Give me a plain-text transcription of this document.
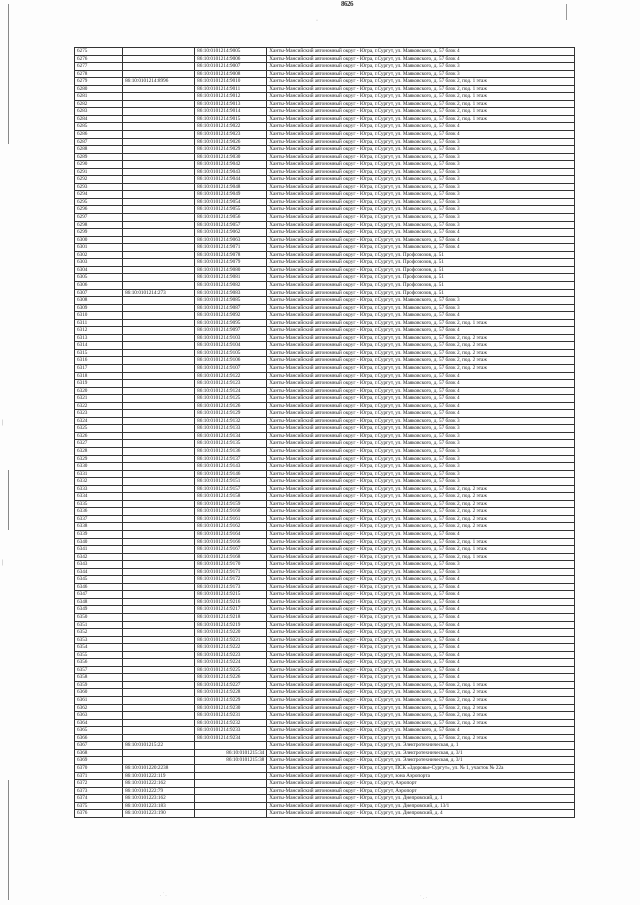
8626
·
|
|
. ˙ .
˙ . ·
6275		86:10:0101214:9005	Ханты-Мансийский автономный округ - Югра, г.Сургут, ул. Маяковского, д. 57 блок 4
6276		86:10:0101214:9006	Ханты-Мансийский автономный округ - Югра, г.Сургут, ул. Маяковского, д. 57 блок 4
6277		86:10:0101214:9007	Ханты-Мансийский автономный округ - Югра, г.Сургут, ул. Маяковского, д. 57 блок 3
6278		86:10:0101214:9008	Ханты-Мансийский автономный округ - Югра, г.Сургут, ул. Маяковского, д. 57 блок 3
6279	86:10:0101214:8996	86:10:0101214:9010	Ханты-Мансийский автономный округ - Югра, г.Сургут, ул. Маяковского, д. 57 блок 2, под. 1 этаж
6280		86:10:0101214:9011	Ханты-Мансийский автономный округ - Югра, г.Сургут, ул. Маяковского, д. 57 блок 2, под. 1 этаж
6281		86:10:0101214:9012	Ханты-Мансийский автономный округ - Югра, г.Сургут, ул. Маяковского, д. 57 блок 2, под. 1 этаж
6282		86:10:0101214:9013	Ханты-Мансийский автономный округ - Югра, г.Сургут, ул. Маяковского, д. 57 блок 2, под. 1 этаж
6283		86:10:0101214:9014	Ханты-Мансийский автономный округ - Югра, г.Сургут, ул. Маяковского, д. 57 блок 2, под. 1 этаж
6284		86:10:0101214:9015	Ханты-Мансийский автономный округ - Югра, г.Сургут, ул. Маяковского, д. 57 блок 2, под. 1 этаж
6285		86:10:0101214:9022	Ханты-Мансийский автономный округ - Югра, г.Сургут, ул. Маяковского, д. 57 блок 4
6286		86:10:0101214:9023	Ханты-Мансийский автономный округ - Югра, г.Сургут, ул. Маяковского, д. 57 блок 4
6287		86:10:0101214:9026	Ханты-Мансийский автономный округ - Югра, г.Сургут, ул. Маяковского, д. 57 блок 3
6288		86:10:0101214:9029	Ханты-Мансийский автономный округ - Югра, г.Сургут, ул. Маяковского, д. 57 блок 3
6289		86:10:0101214:9030	Ханты-Мансийский автономный округ - Югра, г.Сургут, ул. Маяковского, д. 57 блок 3
6290		86:10:0101214:9042	Ханты-Мансийский автономный округ - Югра, г.Сургут, ул. Маяковского, д. 57 блок 3
6291		86:10:0101214:9043	Ханты-Мансийский автономный округ - Югра, г.Сургут, ул. Маяковского, д. 57 блок 3
6292		86:10:0101214:9044	Ханты-Мансийский автономный округ - Югра, г.Сургут, ул. Маяковского, д. 57 блок 3
6293		86:10:0101214:9048	Ханты-Мансийский автономный округ - Югра, г.Сургут, ул. Маяковского, д. 57 блок 3
6294		86:10:0101214:9049	Ханты-Мансийский автономный округ - Югра, г.Сургут, ул. Маяковского, д. 57 блок 3
6295		86:10:0101214:9054	Ханты-Мансийский автономный округ - Югра, г.Сургут, ул. Маяковского, д. 57 блок 3
6296		86:10:0101214:9055	Ханты-Мансийский автономный округ - Югра, г.Сургут, ул. Маяковского, д. 57 блок 3
6297		86:10:0101214:9056	Ханты-Мансийский автономный округ - Югра, г.Сургут, ул. Маяковского, д. 57 блок 3
6298		86:10:0101214:9057	Ханты-Мансийский автономный округ - Югра, г.Сургут, ул. Маяковского, д. 57 блок 3
6299		86:10:0101214:9062	Ханты-Мансийский автономный округ - Югра, г.Сургут, ул. Маяковского, д. 57 блок 4
6300		86:10:0101214:9063	Ханты-Мансийский автономный округ - Югра, г.Сургут, ул. Маяковского, д. 57 блок 4
6301		86:10:0101214:9071	Ханты-Мансийский автономный округ - Югра, г.Сургут, ул. Маяковского, д. 57 блок 4
6302		86:10:0101214:9078	Ханты-Мансийский автономный округ - Югра, г.Сургут, ул. Профсоюзов, д. 51
6303		86:10:0101214:9079	Ханты-Мансийский автономный округ - Югра, г.Сургут, ул. Профсоюзов, д. 51
6304		86:10:0101214:9080	Ханты-Мансийский автономный округ - Югра, г.Сургут, ул. Профсоюзов, д. 51
6305		86:10:0101214:9081	Ханты-Мансийский автономный округ - Югра, г.Сургут, ул. Профсоюзов, д. 51
6306		86:10:0101214:9082	Ханты-Мансийский автономный округ - Югра, г.Сургут, ул. Профсоюзов, д. 51
6307	86:10:0101214:273	86:10:0101214:9083	Ханты-Мансийский автономный округ - Югра, г.Сургут, ул. Профсоюзов, д. 51
6308		86:10:0101214:9085	Ханты-Мансийский автономный округ - Югра, г.Сургут, ул. Маяковского, д. 57 блок 3
6309		86:10:0101214:9087	Ханты-Мансийский автономный округ - Югра, г.Сургут, ул. Маяковского, д. 57 блок 3
6310		86:10:0101214:9092	Ханты-Мансийский автономный округ - Югра, г.Сургут, ул. Маяковского, д. 57 блок 4
6311		86:10:0101214:9095	Ханты-Мансийский автономный округ - Югра, г.Сургут, ул. Маяковского, д. 57 блок 2, под. 1 этаж
6312		86:10:0101214:9097	Ханты-Мансийский автономный округ - Югра, г.Сургут, ул. Маяковского, д. 57 блок 4
6313		86:10:0101214:9103	Ханты-Мансийский автономный округ - Югра, г.Сургут, ул. Маяковского, д. 57 блок 2, под. 2 этаж
6314		86:10:0101214:9104	Ханты-Мансийский автономный округ - Югра, г.Сургут, ул. Маяковского, д. 57 блок 2, под. 2 этаж
6315		86:10:0101214:9105	Ханты-Мансийский автономный округ - Югра, г.Сургут, ул. Маяковского, д. 57 блок 2, под. 2 этаж
6316		86:10:0101214:9106	Ханты-Мансийский автономный округ - Югра, г.Сургут, ул. Маяковского, д. 57 блок 2, под. 2 этаж
6317		86:10:0101214:9107	Ханты-Мансийский автономный округ - Югра, г.Сургут, ул. Маяковского, д. 57 блок 2, под. 2 этаж
6318		86:10:0101214:9122	Ханты-Мансийский автономный округ - Югра, г.Сургут, ул. Маяковского, д. 57 блок 4
6319		86:10:0101214:9123	Ханты-Мансийский автономный округ - Югра, г.Сургут, ул. Маяковского, д. 57 блок 4
6320		86:10:0101214:9124	Ханты-Мансийский автономный округ - Югра, г.Сургут, ул. Маяковского, д. 57 блок 4
6321		86:10:0101214:9125	Ханты-Мансийский автономный округ - Югра, г.Сургут, ул. Маяковского, д. 57 блок 4
6322		86:10:0101214:9126	Ханты-Мансийский автономный округ - Югра, г.Сургут, ул. Маяковского, д. 57 блок 4
6323		86:10:0101214:9129	Ханты-Мансийский автономный округ - Югра, г.Сургут, ул. Маяковского, д. 57 блок 4
6324		86:10:0101214:9132	Ханты-Мансийский автономный округ - Югра, г.Сургут, ул. Маяковского, д. 57 блок 3
6325		86:10:0101214:9133	Ханты-Мансийский автономный округ - Югра, г.Сургут, ул. Маяковского, д. 57 блок 3
6326		86:10:0101214:9134	Ханты-Мансийский автономный округ - Югра, г.Сургут, ул. Маяковского, д. 57 блок 3
6327		86:10:0101214:9135	Ханты-Мансийский автономный округ - Югра, г.Сургут, ул. Маяковского, д. 57 блок 3
6328		86:10:0101214:9136	Ханты-Мансийский автономный округ - Югра, г.Сургут, ул. Маяковского, д. 57 блок 3
6329		86:10:0101214:9137	Ханты-Мансийский автономный округ - Югра, г.Сургут, ул. Маяковского, д. 57 блок 3
6330		86:10:0101214:9143	Ханты-Мансийский автономный округ - Югра, г.Сургут, ул. Маяковского, д. 57 блок 3
6331		86:10:0101214:9146	Ханты-Мансийский автономный округ - Югра, г.Сургут, ул. Маяковского, д. 57 блок 3
6332		86:10:0101214:9151	Ханты-Мансийский автономный округ - Югра, г.Сургут, ул. Маяковского, д. 57 блок 3
6333		86:10:0101214:9157	Ханты-Мансийский автономный округ - Югра, г.Сургут, ул. Маяковского, д. 57 блок 2, под. 2 этаж
6334		86:10:0101214:9158	Ханты-Мансийский автономный округ - Югра, г.Сургут, ул. Маяковского, д. 57 блок 2, под. 2 этаж
6335		86:10:0101214:9159	Ханты-Мансийский автономный округ - Югра, г.Сургут, ул. Маяковского, д. 57 блок 2, под. 2 этаж
6336		86:10:0101214:9160	Ханты-Мансийский автономный округ - Югра, г.Сургут, ул. Маяковского, д. 57 блок 2, под. 2 этаж
6337		86:10:0101214:9161	Ханты-Мансийский автономный округ - Югра, г.Сургут, ул. Маяковского, д. 57 блок 2, под. 2 этаж
6338		86:10:0101214:9162	Ханты-Мансийский автономный округ - Югра, г.Сургут, ул. Маяковского, д. 57 блок 2, под. 2 этаж
6339		86:10:0101214:9164	Ханты-Мансийский автономный округ - Югра, г.Сургут, ул. Маяковского, д. 57 блок 4
6340		86:10:0101214:9166	Ханты-Мансийский автономный округ - Югра, г.Сургут, ул. Маяковского, д. 57 блок 2, под. 1 этаж
6341		86:10:0101214:9167	Ханты-Мансийский автономный округ - Югра, г.Сургут, ул. Маяковского, д. 57 блок 2, под. 1 этаж
6342		86:10:0101214:9168	Ханты-Мансийский автономный округ - Югра, г.Сургут, ул. Маяковского, д. 57 блок 2, под. 1 этаж
6343		86:10:0101214:9170	Ханты-Мансийский автономный округ - Югра, г.Сургут, ул. Маяковского, д. 57 блок 3
6344		86:10:0101214:9171	Ханты-Мансийский автономный округ - Югра, г.Сургут, ул. Маяковского, д. 57 блок 3
6345		86:10:0101214:9172	Ханты-Мансийский автономный округ - Югра, г.Сургут, ул. Маяковского, д. 57 блок 4
6346		86:10:0101214:9173	Ханты-Мансийский автономный округ - Югра, г.Сургут, ул. Маяковского, д. 57 блок 4
6347		86:10:0101214:9215	Ханты-Мансийский автономный округ - Югра, г.Сургут, ул. Маяковского, д. 57 блок 4
6348		86:10:0101214:9216	Ханты-Мансийский автономный округ - Югра, г.Сургут, ул. Маяковского, д. 57 блок 4
6349		86:10:0101214:9217	Ханты-Мансийский автономный округ - Югра, г.Сургут, ул. Маяковского, д. 57 блок 4
6350		86:10:0101214:9218	Ханты-Мансийский автономный округ - Югра, г.Сургут, ул. Маяковского, д. 57 блок 4
6351		86:10:0101214:9219	Ханты-Мансийский автономный округ - Югра, г.Сургут, ул. Маяковского, д. 57 блок 4
6352		86:10:0101214:9220	Ханты-Мансийский автономный округ - Югра, г.Сургут, ул. Маяковского, д. 57 блок 4
6353		86:10:0101214:9221	Ханты-Мансийский автономный округ - Югра, г.Сургут, ул. Маяковского, д. 57 блок 4
6354		86:10:0101214:9222	Ханты-Мансийский автономный округ - Югра, г.Сургут, ул. Маяковского, д. 57 блок 4
6355		86:10:0101214:9223	Ханты-Мансийский автономный округ - Югра, г.Сургут, ул. Маяковского, д. 57 блок 4
6356		86:10:0101214:9224	Ханты-Мансийский автономный округ - Югра, г.Сургут, ул. Маяковского, д. 57 блок 4
6357		86:10:0101214:9225	Ханты-Мансийский автономный округ - Югра, г.Сургут, ул. Маяковского, д. 57 блок 4
6358		86:10:0101214:9226	Ханты-Мансийский автономный округ - Югра, г.Сургут, ул. Маяковского, д. 57 блок 4
6359		86:10:0101214:9227	Ханты-Мансийский автономный округ - Югра, г.Сургут, ул. Маяковского, д. 57 блок 2, под. 1 этаж
6360		86:10:0101214:9228	Ханты-Мансийский автономный округ - Югра, г.Сургут, ул. Маяковского, д. 57 блок 2, под. 2 этаж
6361		86:10:0101214:9229	Ханты-Мансийский автономный округ - Югра, г.Сургут, ул. Маяковского, д. 57 блок 2, под. 2 этаж
6362		86:10:0101214:9230	Ханты-Мансийский автономный округ - Югра, г.Сургут, ул. Маяковского, д. 57 блок 2, под. 2 этаж
6363		86:10:0101214:9231	Ханты-Мансийский автономный округ - Югра, г.Сургут, ул. Маяковского, д. 57 блок 2, под. 2 этаж
6364		86:10:0101214:9232	Ханты-Мансийский автономный округ - Югра, г.Сургут, ул. Маяковского, д. 57 блок 2, под. 2 этаж
6365		86:10:0101214:9233	Ханты-Мансийский автономный округ - Югра, г.Сургут, ул. Маяковского, д. 57 блок 4
6366		86:10:0101214:9234	Ханты-Мансийский автономный округ - Югра, г.Сургут, ул. Маяковского, д. 57 блок 2, под. 2 этаж
6367	86:10:0101215:22		Ханты-Мансийский автономный округ - Югра, г.Сургут, ул. Электротехническая, д. 1
6368		86:10:0101215:34	Ханты-Мансийский автономный округ - Югра, г.Сургут, ул. Электротехническая, д. 3/1
6369		86:10:0101215:38	Ханты-Мансийский автономный округ - Югра, г.Сургут, ул. Электротехническая, д. 3/1
6370	86:10:0101220:2238		Ханты-Мансийский автономный округ - Югра, г.Сургут, ПСК «Здоровье-Сургут», ул. № 1, участок № 22а
6371	86:10:0101222:119		Ханты-Мансийский автономный округ - Югра, г.Сургут, зона Аэропорта
6372	86:10:0101222:162		Ханты-Мансийский автономный округ - Югра, г.Сургут, Аэропорт
6373	86:10:0101222:79		Ханты-Мансийский автономный округ - Югра, г.Сургут, Аэропорт
6374	86:10:0101223:162		Ханты-Мансийский автономный округ - Югра, г.Сургут, ул. Днепровский, д. 1
6375	86:10:0101223:183		Ханты-Мансийский автономный округ - Югра, г.Сургут, ул. Днепровский, д. 13/1
6376	86:10:0101223:190		Ханты-Мансийский автономный округ - Югра, г.Сургут, ул. Днепровский, д. 4
